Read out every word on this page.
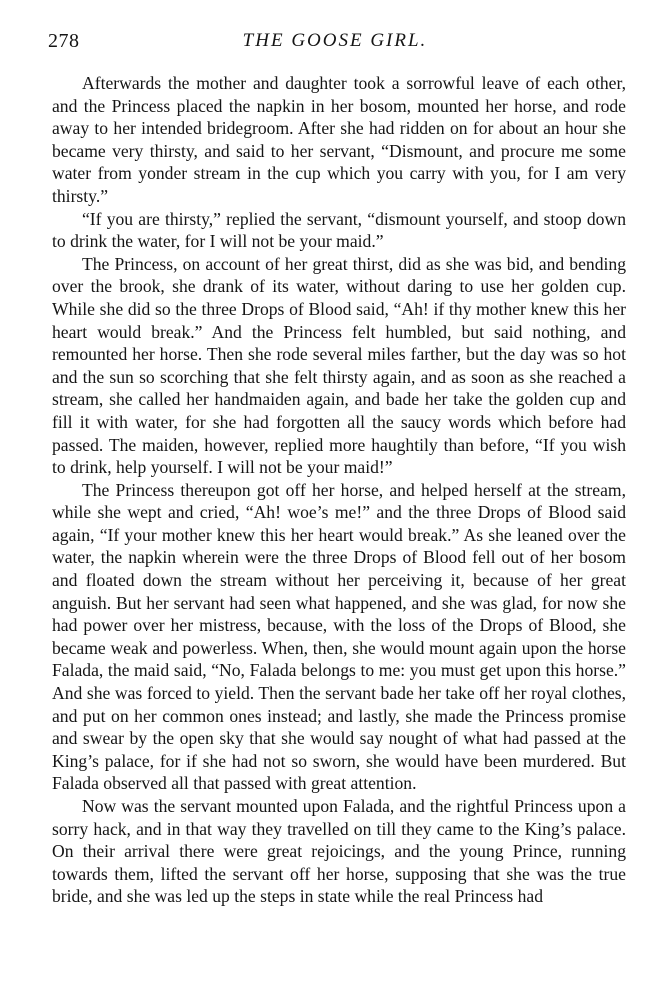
278	THE GOOSE GIRL.

Afterwards the mother and daughter took a sorrowful leave of each other, and the Princess placed the napkin in her bosom, mounted her horse, and rode away to her intended bridegroom. After she had ridden on for about an hour she became very thirsty, and said to her servant, “Dismount, and procure me some water from yonder stream in the cup which you carry with you, for I am very thirsty.”

“If you are thirsty,” replied the servant, “dismount yourself, and stoop down to drink the water, for I will not be your maid.”

The Princess, on account of her great thirst, did as she was bid, and bending over the brook, she drank of its water, without daring to use her golden cup. While she did so the three Drops of Blood said, “Ah! if thy mother knew this her heart would break.” And the Princess felt humbled, but said nothing, and remounted her horse. Then she rode several miles farther, but the day was so hot and the sun so scorching that she felt thirsty again, and as soon as she reached a stream, she called her handmaiden again, and bade her take the golden cup and fill it with water, for she had forgotten all the saucy words which before had passed. The maiden, however, replied more haughtily than before, “If you wish to drink, help yourself. I will not be your maid!”

The Princess thereupon got off her horse, and helped herself at the stream, while she wept and cried, “Ah! woe’s me!” and the three Drops of Blood said again, “If your mother knew this her heart would break.” As she leaned over the water, the napkin wherein were the three Drops of Blood fell out of her bosom and floated down the stream without her perceiving it, because of her great anguish. But her servant had seen what happened, and she was glad, for now she had power over her mistress, because, with the loss of the Drops of Blood, she became weak and powerless. When, then, she would mount again upon the horse Falada, the maid said, “No, Falada belongs to me: you must get upon this horse.” And she was forced to yield. Then the servant bade her take off her royal clothes, and put on her common ones instead; and lastly, she made the Princess promise and swear by the open sky that she would say nought of what had passed at the King’s palace, for if she had not so sworn, she would have been murdered. But Falada observed all that passed with great attention.

Now was the servant mounted upon Falada, and the rightful Princess upon a sorry hack, and in that way they travelled on till they came to the King’s palace. On their arrival there were great rejoicings, and the young Prince, running towards them, lifted the servant off her horse, supposing that she was the true bride, and she was led up the steps in state while the real Princess had
